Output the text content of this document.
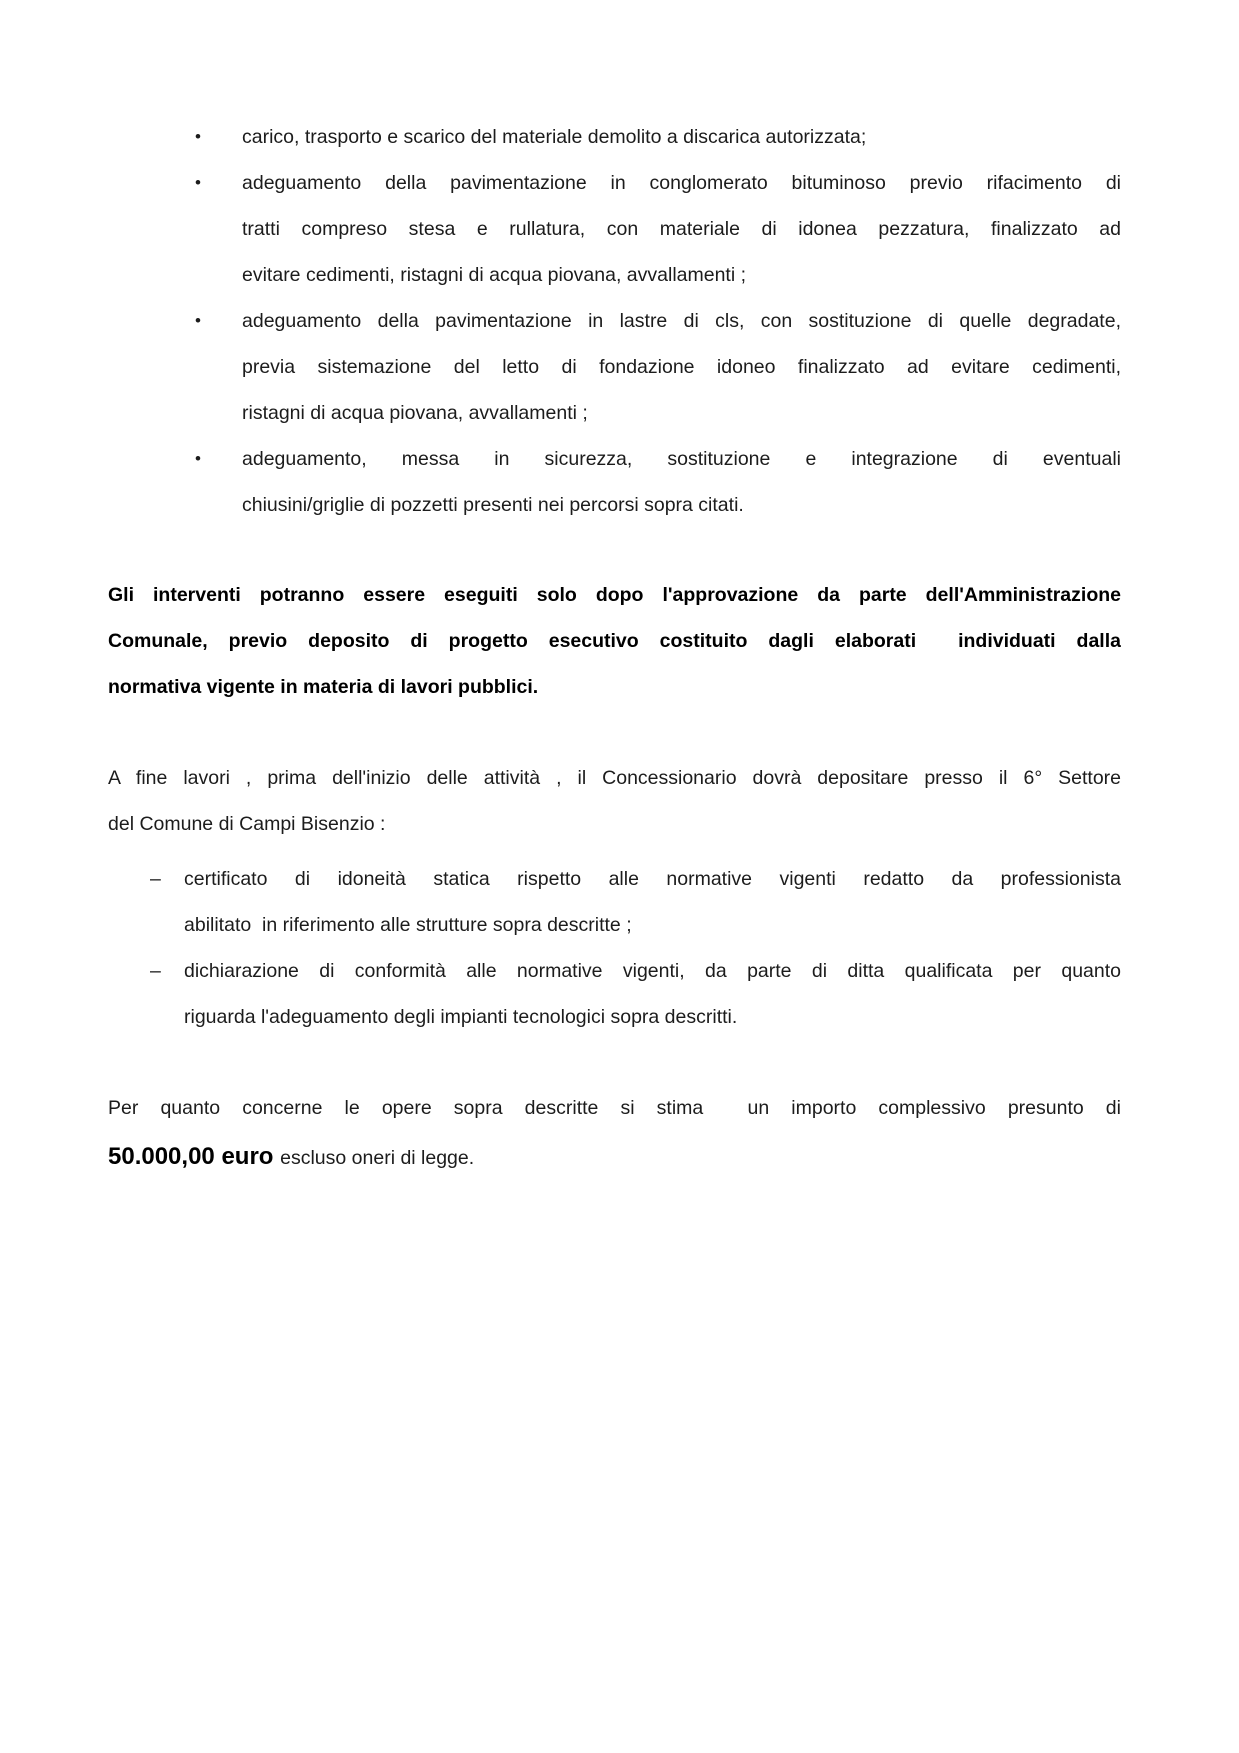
•	carico, trasporto e scarico del materiale demolito a discarica autorizzata;
•	adeguamento della pavimentazione in conglomerato bituminoso previo rifacimento di
tratti compreso stesa e rullatura, con materiale di idonea pezzatura, finalizzato ad
evitare cedimenti, ristagni di acqua piovana, avvallamenti ;
•	adeguamento della pavimentazione in lastre di cls, con sostituzione di quelle degradate,
previa sistemazione del letto di fondazione idoneo finalizzato ad evitare cedimenti,
ristagni di acqua piovana, avvallamenti ;
•	adeguamento, messa in sicurezza, sostituzione e integrazione di eventuali
chiusini/griglie di pozzetti presenti nei percorsi sopra citati.
Gli interventi potranno essere eseguiti solo dopo l'approvazione da parte dell'Amministrazione
Comunale, previo deposito di progetto esecutivo costituito dagli elaborati  individuati dalla
normativa vigente in materia di lavori pubblici.
A fine lavori , prima dell'inizio delle attività , il Concessionario dovrà depositare presso il 6° Settore
del Comune di Campi Bisenzio :
–	certificato di idoneità statica rispetto alle normative vigenti redatto da professionista
abilitato  in riferimento alle strutture sopra descritte ;
–	dichiarazione di conformità alle normative vigenti, da parte di ditta qualificata per quanto
riguarda l'adeguamento degli impianti tecnologici sopra descritti.
Per quanto concerne le opere sopra descritte si stima  un importo complessivo presunto di
50.000,00 euro escluso oneri di legge.
